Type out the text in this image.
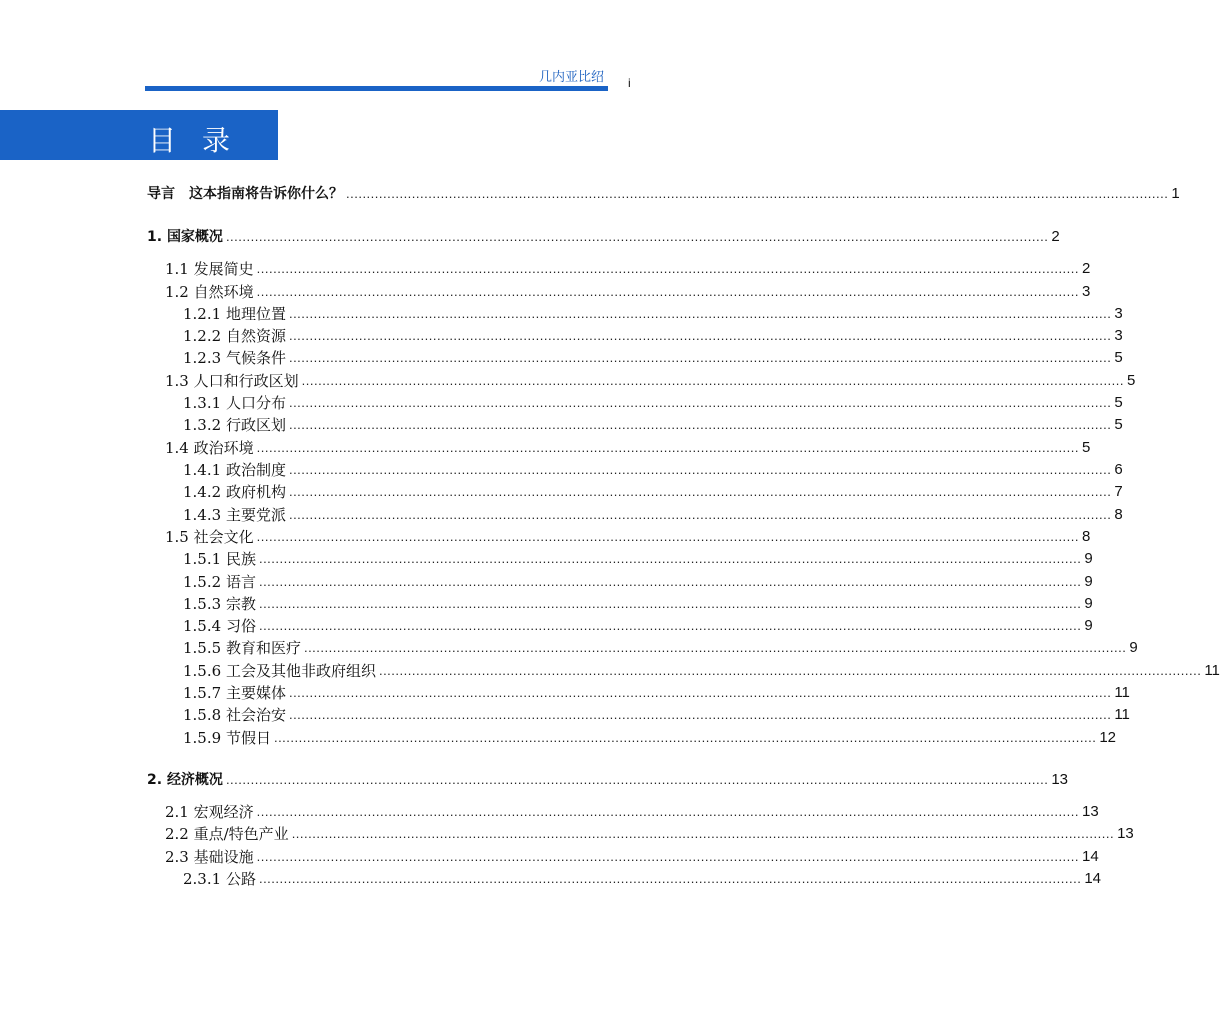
几内亚比绍 i
目录
导言　这本指南将告诉你什么？ ........................................................................................................................................................................................................ 1
1. 国家概况 ........................................................................................................................................................................................................ 2
1.1 发展简史 ........................................................................................................................................................................................................ 2
1.2 自然环境 ........................................................................................................................................................................................................ 3
1.2.1 地理位置 ........................................................................................................................................................................................................ 3
1.2.2 自然资源 ........................................................................................................................................................................................................ 3
1.2.3 气候条件 ........................................................................................................................................................................................................ 5
1.3 人口和行政区划 ........................................................................................................................................................................................................ 5
1.3.1 人口分布 ........................................................................................................................................................................................................ 5
1.3.2 行政区划 ........................................................................................................................................................................................................ 5
1.4 政治环境 ........................................................................................................................................................................................................ 5
1.4.1 政治制度 ........................................................................................................................................................................................................ 6
1.4.2 政府机构 ........................................................................................................................................................................................................ 7
1.4.3 主要党派 ........................................................................................................................................................................................................ 8
1.5 社会文化 ........................................................................................................................................................................................................ 8
1.5.1 民族 ........................................................................................................................................................................................................ 9
1.5.2 语言 ........................................................................................................................................................................................................ 9
1.5.3 宗教 ........................................................................................................................................................................................................ 9
1.5.4 习俗 ........................................................................................................................................................................................................ 9
1.5.5 教育和医疗 ........................................................................................................................................................................................................ 9
1.5.6 工会及其他非政府组织 ........................................................................................................................................................................................................ 11
1.5.7 主要媒体 ........................................................................................................................................................................................................ 11
1.5.8 社会治安 ........................................................................................................................................................................................................ 11
1.5.9 节假日 ........................................................................................................................................................................................................ 12
2. 经济概况 ........................................................................................................................................................................................................ 13
2.1 宏观经济 ........................................................................................................................................................................................................ 13
2.2 重点/特色产业 ........................................................................................................................................................................................................ 13
2.3 基础设施 ........................................................................................................................................................................................................ 14
2.3.1 公路 ........................................................................................................................................................................................................ 14
